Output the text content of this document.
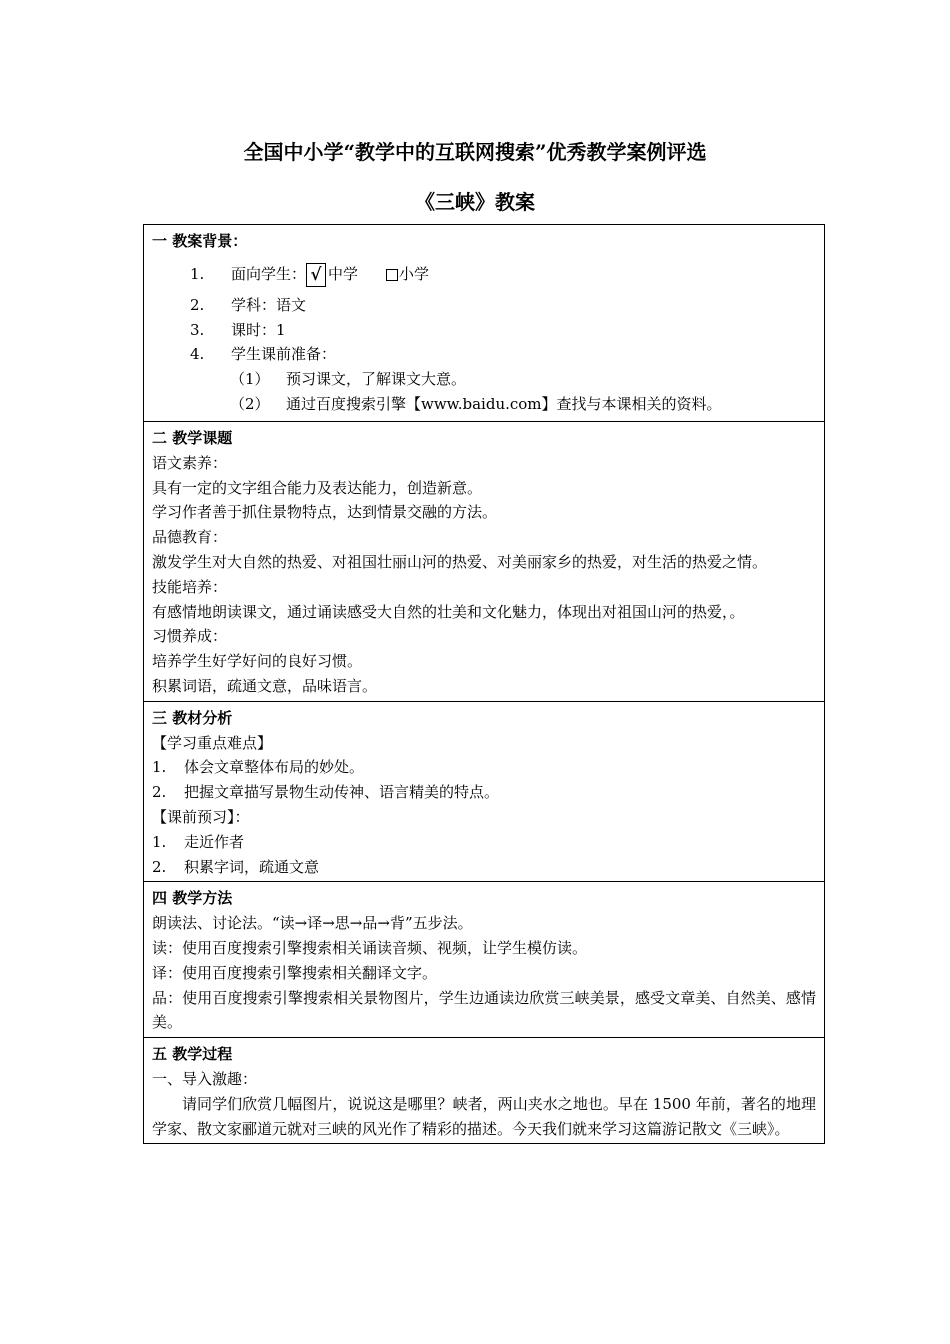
全国中小学“教学中的互联网搜索”优秀教学案例评选
《三峡》教案
一 教案背景：
1. 面向学生： √ 中学	小学
2. 学科：语文
3. 课时：1
4. 学生课前准备：
（1） 预习课文，了解课文大意。
（2） 通过百度搜索引擎【www.baidu.com】查找与本课相关的资料。

二 教学课题
语文素养：
具有一定的文字组合能力及表达能力，创造新意。
学习作者善于抓住景物特点，达到情景交融的方法。
品德教育：
激发学生对大自然的热爱、对祖国壮丽山河的热爱、对美丽家乡的热爱，对生活的热爱之情。
技能培养：
有感情地朗读课文，通过诵读感受大自然的壮美和文化魅力，体现出对祖国山河的热爱，。
习惯养成：
培养学生好学好问的良好习惯。
积累词语，疏通文意，品味语言。

三 教材分析
【学习重点难点】
1.	体会文章整体布局的妙处。
2.	把握文章描写景物生动传神、语言精美的特点。
【课前预习】：
1.	走近作者
2.	积累字词，疏通文意

四 教学方法
朗读法、讨论法。“读→译→思→品→背”五步法。
读：使用百度搜索引擎搜索相关诵读音频、视频，让学生模仿读。
译：使用百度搜索引擎搜索相关翻译文字。
品：使用百度搜索引擎搜索相关景物图片，学生边通读边欣赏三峡美景，感受文章美、自然美、感情美。

五 教学过程
一、导入激趣：
请同学们欣赏几幅图片，说说这是哪里？峡者，两山夹水之地也。早在 1500 年前，著名的地理学家、散文家郦道元就对三峡的风光作了精彩的描述。今天我们就来学习这篇游记散文《三峡》。
